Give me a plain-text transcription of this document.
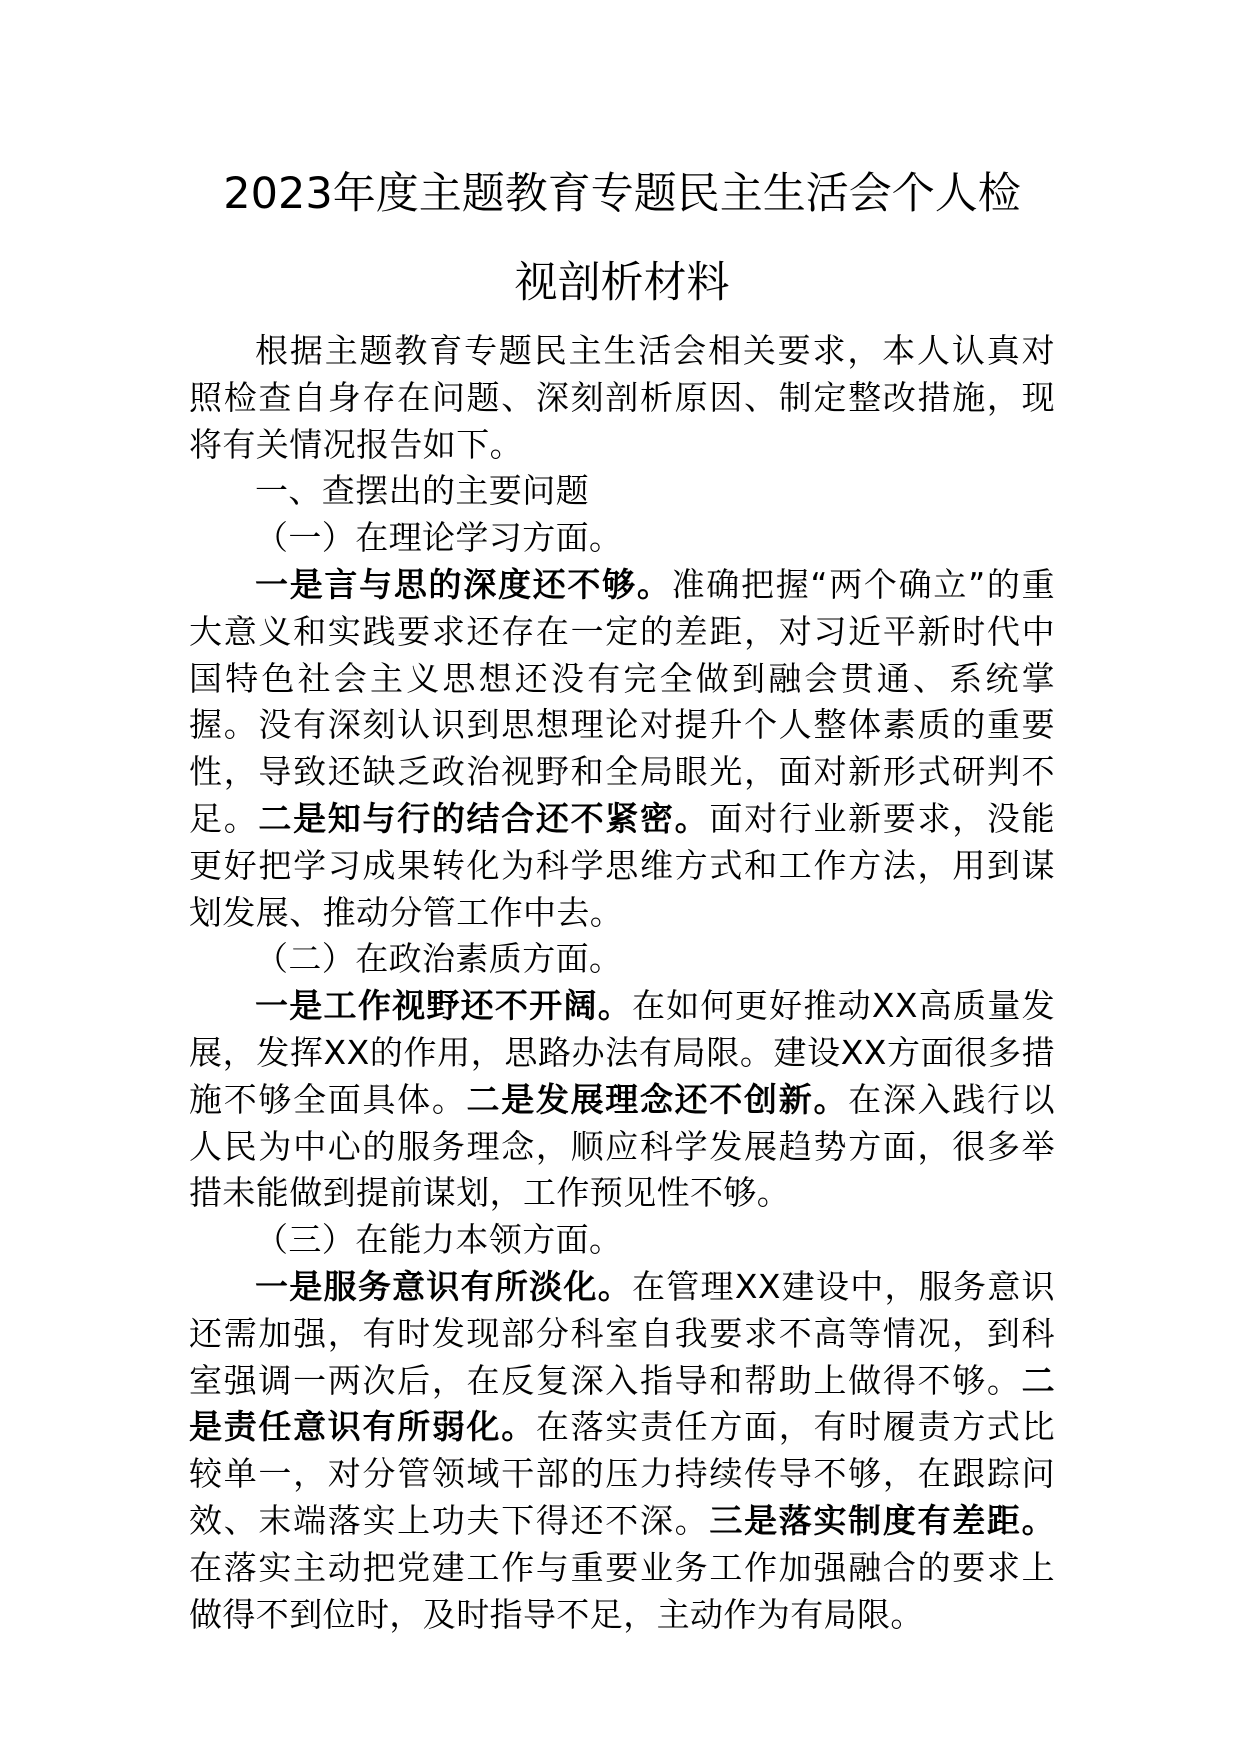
2023年度主题教育专题民主生活会个人检
视剖析材料

根据主题教育专题民主生活会相关要求，本人认真对照检查自身存在问题、深刻剖析原因、制定整改措施，现将有关情况报告如下。

一、查摆出的主要问题

（一）在理论学习方面。

一是言与思的深度还不够。准确把握“两个确立”的重大意义和实践要求还存在一定的差距，对习近平新时代中国特色社会主义思想还没有完全做到融会贯通、系统掌握。没有深刻认识到思想理论对提升个人整体素质的重要性，导致还缺乏政治视野和全局眼光，面对新形式研判不足。二是知与行的结合还不紧密。面对行业新要求，没能更好把学习成果转化为科学思维方式和工作方法，用到谋划发展、推动分管工作中去。

（二）在政治素质方面。

一是工作视野还不开阔。在如何更好推动XX高质量发展，发挥XX的作用，思路办法有局限。建设XX方面很多措施不够全面具体。二是发展理念还不创新。在深入践行以人民为中心的服务理念，顺应科学发展趋势方面，很多举措未能做到提前谋划，工作预见性不够。

（三）在能力本领方面。

一是服务意识有所淡化。在管理XX建设中，服务意识还需加强，有时发现部分科室自我要求不高等情况，到科室强调一两次后，在反复深入指导和帮助上做得不够。二是责任意识有所弱化。在落实责任方面，有时履责方式比较单一，对分管领域干部的压力持续传导不够，在跟踪问效、末端落实上功夫下得还不深。三是落实制度有差距。在落实主动把党建工作与重要业务工作加强融合的要求上做得不到位时，及时指导不足，主动作为有局限。
